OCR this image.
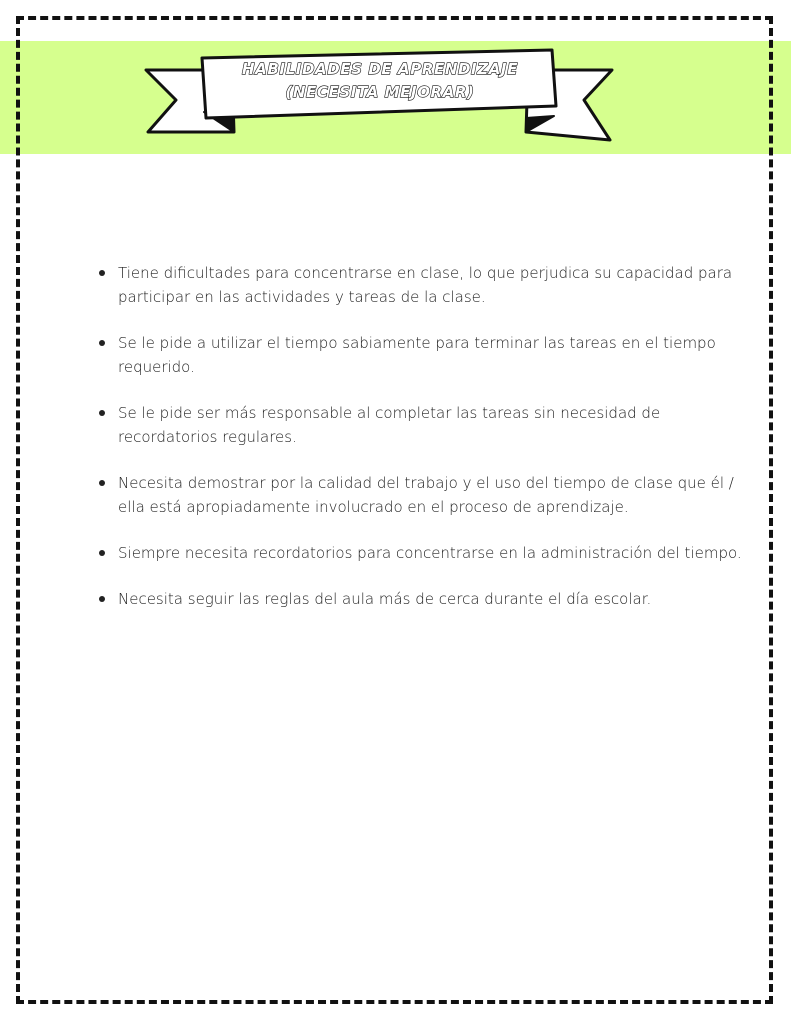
HABILIDADES DE APRENDIZAJE
(NECESITA MEJORAR)
Tiene dificultades para concentrarse en clase, lo que perjudica su capacidad para participar en las actividades y tareas de la clase.
Se le pide a utilizar el tiempo sabiamente para terminar las tareas en el tiempo requerido.
Se le pide ser más responsable al completar las tareas sin necesidad de recordatorios regulares.
Necesita demostrar por la calidad del trabajo y el uso del tiempo de clase que él / ella está apropiadamente involucrado en el proceso de aprendizaje.
Siempre necesita recordatorios para concentrarse en la administración del tiempo.
Necesita seguir las reglas del aula más de cerca durante el día escolar.
